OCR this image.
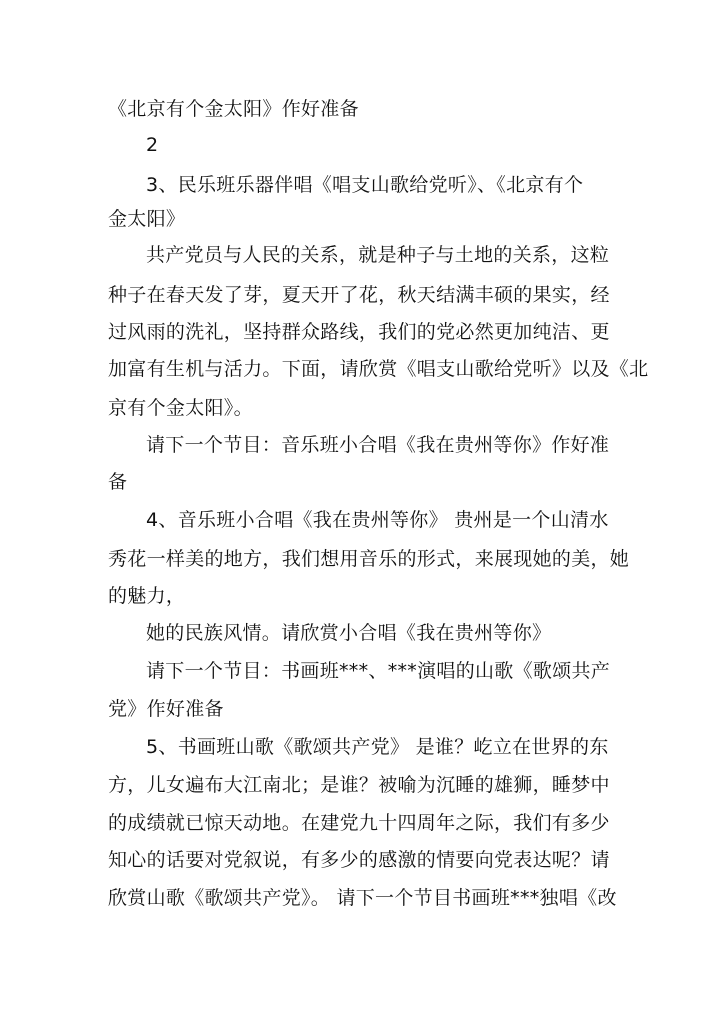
《北京有个金太阳》作好准备
2
3、民乐班乐器伴唱《唱支山歌给党听》、《北京有个
金太阳》
共产党员与人民的关系，就是种子与土地的关系，这粒
种子在春天发了芽，夏天开了花，秋天结满丰硕的果实，经
过风雨的洗礼，坚持群众路线，我们的党必然更加纯洁、更
加富有生机与活力。下面，请欣赏《唱支山歌给党听》以及《北
京有个金太阳》。
请下一个节目：音乐班小合唱《我在贵州等你》作好准
备
4、音乐班小合唱《我在贵州等你》 贵州是一个山清水
秀花一样美的地方，我们想用音乐的形式，来展现她的美，她
的魅力，
她的民族风情。请欣赏小合唱《我在贵州等你》
请下一个节目：书画班***、***演唱的山歌《歌颂共产
党》作好准备
5、书画班山歌《歌颂共产党》 是谁？屹立在世界的东
方，儿女遍布大江南北；是谁？被喻为沉睡的雄狮，睡梦中
的成绩就已惊天动地。在建党九十四周年之际，我们有多少
知心的话要对党叙说，有多少的感激的情要向党表达呢？请
欣赏山歌《歌颂共产党》。 请下一个节目书画班***独唱《改
